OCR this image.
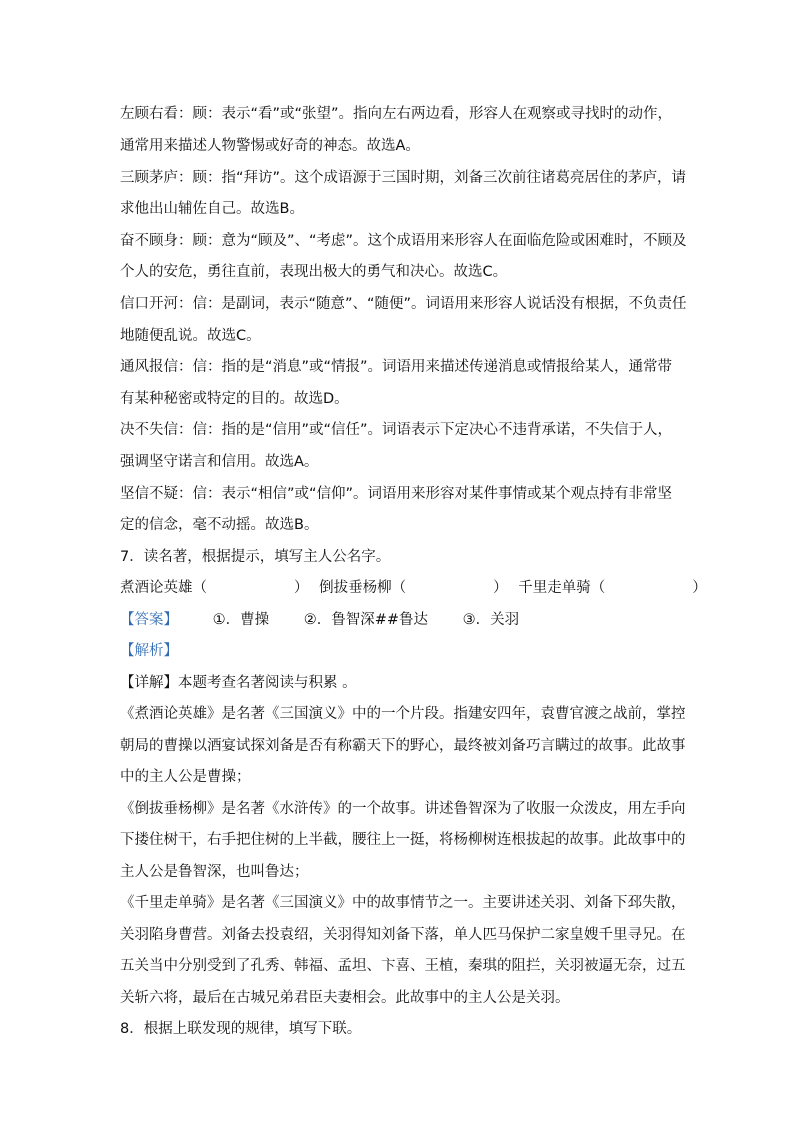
左顾右看：顾：表示“看”或“张望”。指向左右两边看，形容人在观察或寻找时的动作，
通常用来描述人物警惕或好奇的神态。故选A。
三顾茅庐：顾：指“拜访”。这个成语源于三国时期，刘备三次前往诸葛亮居住的茅庐，请
求他出山辅佐自己。故选B。
奋不顾身：顾：意为“顾及”、“考虑”。这个成语用来形容人在面临危险或困难时，不顾及
个人的安危，勇往直前，表现出极大的勇气和决心。故选C。
信口开河：信：是副词，表示“随意”、“随便”。词语用来形容人说话没有根据，不负责任
地随便乱说。故选C。
通风报信：信：指的是“消息”或“情报”。词语用来描述传递消息或情报给某人，通常带
有某种秘密或特定的目的。故选D。
决不失信：信：指的是“信用”或“信任”。词语表示下定决心不违背承诺，不失信于人，
强调坚守诺言和信用。故选A。
坚信不疑：信：表示“相信”或“信仰”。词语用来形容对某件事情或某个观点持有非常坚
定的信念，毫不动摇。故选B。
7．读名著，根据提示，填写主人公名字。
煮酒论英雄（　　　　　　） 倒拔垂杨柳（　　　　　　） 千里走单骑（　　　　　　）
【答案】 ①．曹操 ②．鲁智深##鲁达 ③．关羽
【解析】
【详解】本题考查名著阅读与积累 。
《煮酒论英雄》是名著《三国演义》中的一个片段。指建安四年，袁曹官渡之战前，掌控
朝局的曹操以酒宴试探刘备是否有称霸天下的野心，最终被刘备巧言瞒过的故事。此故事
中的主人公是曹操；
《倒拔垂杨柳》是名著《水浒传》的一个故事。讲述鲁智深为了收服一众泼皮，用左手向
下搂住树干，右手把住树的上半截，腰往上一挺，将杨柳树连根拔起的故事。此故事中的
主人公是鲁智深，也叫鲁达；
《千里走单骑》是名著《三国演义》中的故事情节之一。主要讲述关羽、刘备下邳失散，
关羽陷身曹营。刘备去投袁绍，关羽得知刘备下落，单人匹马保护二家皇嫂千里寻兄。在
五关当中分别受到了孔秀、韩福、孟坦、卞喜、王植，秦琪的阻拦，关羽被逼无奈，过五
关斩六将，最后在古城兄弟君臣夫妻相会。此故事中的主人公是关羽。
8．根据上联发现的规律，填写下联。
